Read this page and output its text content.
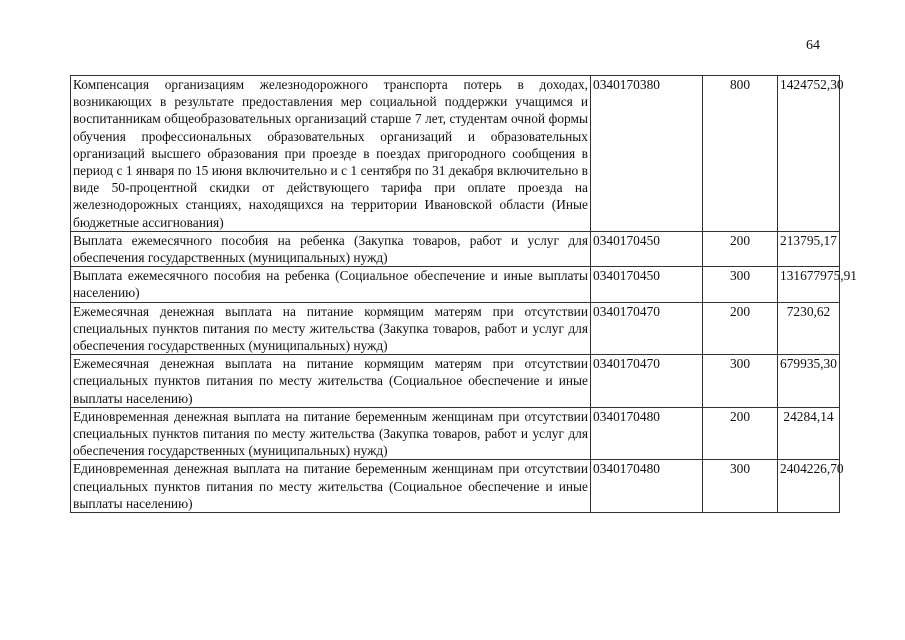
64
Компенсация организациям железнодорожного транспорта потерь в доходах, возникающих в результате предоставления мер социальной поддержки учащимся и воспитанникам общеобразовательных организаций старше 7 лет, студентам очной формы обучения профессиональных образовательных организаций и образовательных организаций высшего образования при проезде в поездах пригородного сообщения в период с 1 января по 15 июня включительно и с 1 сентября по 31 декабря включительно в виде 50-процентной скидки от действующего тарифа при оплате проезда на железнодорожных станциях, находящихся на территории Ивановской области (Иные бюджетные ассигнования)	0340170380	800	1424752,30
Выплата ежемесячного пособия на ребенка (Закупка товаров, работ и услуг для обеспечения государственных (муниципальных) нужд)	0340170450	200	213795,17
Выплата ежемесячного пособия на ребенка (Социальное обеспечение и иные выплаты населению)	0340170450	300	131677975,91
Ежемесячная денежная выплата на питание кормящим матерям при отсутствии специальных пунктов питания по месту жительства (Закупка товаров, работ и услуг для обеспечения государственных (муниципальных) нужд)	0340170470	200	7230,62
Ежемесячная денежная выплата на питание кормящим матерям при отсутствии специальных пунктов питания по месту жительства (Социальное обеспечение и иные выплаты населению)	0340170470	300	679935,30
Единовременная денежная выплата на питание беременным женщинам при отсутствии специальных пунктов питания по месту жительства (Закупка товаров, работ и услуг для обеспечения государственных (муниципальных) нужд)	0340170480	200	24284,14
Единовременная денежная выплата на питание беременным женщинам при отсутствии специальных пунктов питания по месту жительства (Социальное обеспечение и иные выплаты населению)	0340170480	300	2404226,70
